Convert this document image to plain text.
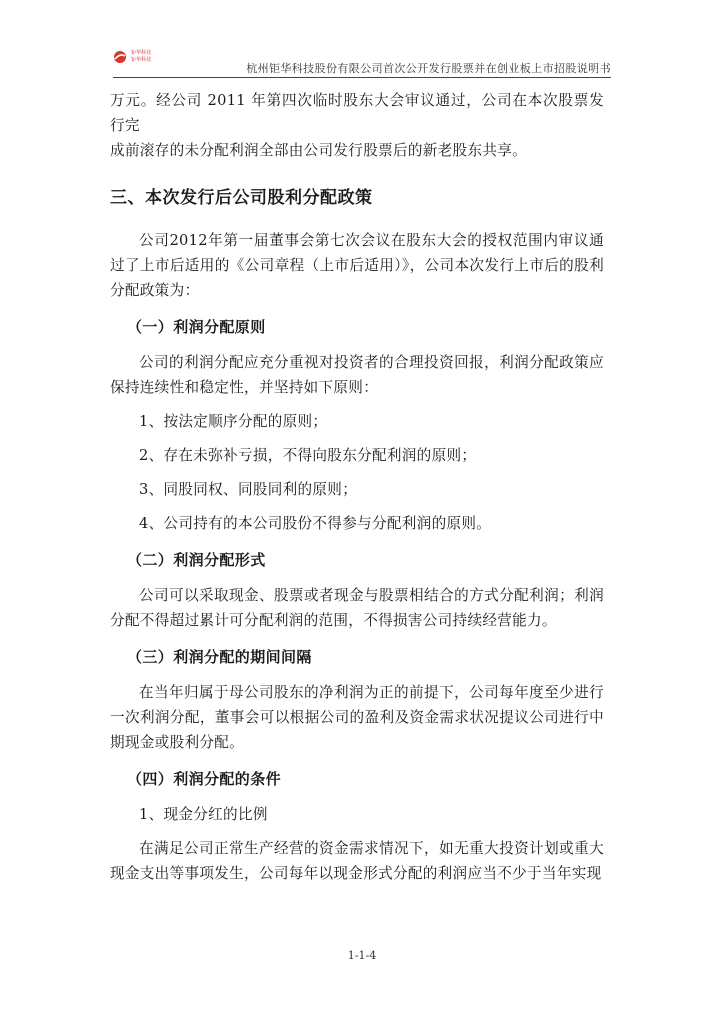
钜华科技
钜华科技
杭州钜华科技股份有限公司首次公开发行股票并在创业板上市招股说明书

万元。经公司 2011 年第四次临时股东大会审议通过，公司在本次股票发行完

成前滚存的未分配利润全部由公司发行股票后的新老股东共享。

三、本次发行后公司股利分配政策

公司2012年第一届董事会第七次会议在股东大会的授权范围内审议通过了上市后适用的《公司章程（上市后适用）》，公司本次发行上市后的股利分配政策为：

（一）利润分配原则

公司的利润分配应充分重视对投资者的合理投资回报，利润分配政策应保持连续性和稳定性，并坚持如下原则：

1、按法定顺序分配的原则；

2、存在未弥补亏损，不得向股东分配利润的原则；

3、同股同权、同股同利的原则；

4、公司持有的本公司股份不得参与分配利润的原则。

（二）利润分配形式

公司可以采取现金、股票或者现金与股票相结合的方式分配利润；利润分配不得超过累计可分配利润的范围，不得损害公司持续经营能力。

（三）利润分配的期间间隔

在当年归属于母公司股东的净利润为正的前提下，公司每年度至少进行一次利润分配，董事会可以根据公司的盈利及资金需求状况提议公司进行中期现金或股利分配。

（四）利润分配的条件

1、现金分红的比例

在满足公司正常生产经营的资金需求情况下，如无重大投资计划或重大现金支出等事项发生，公司每年以现金形式分配的利润应当不少于当年实现

1-1-4
